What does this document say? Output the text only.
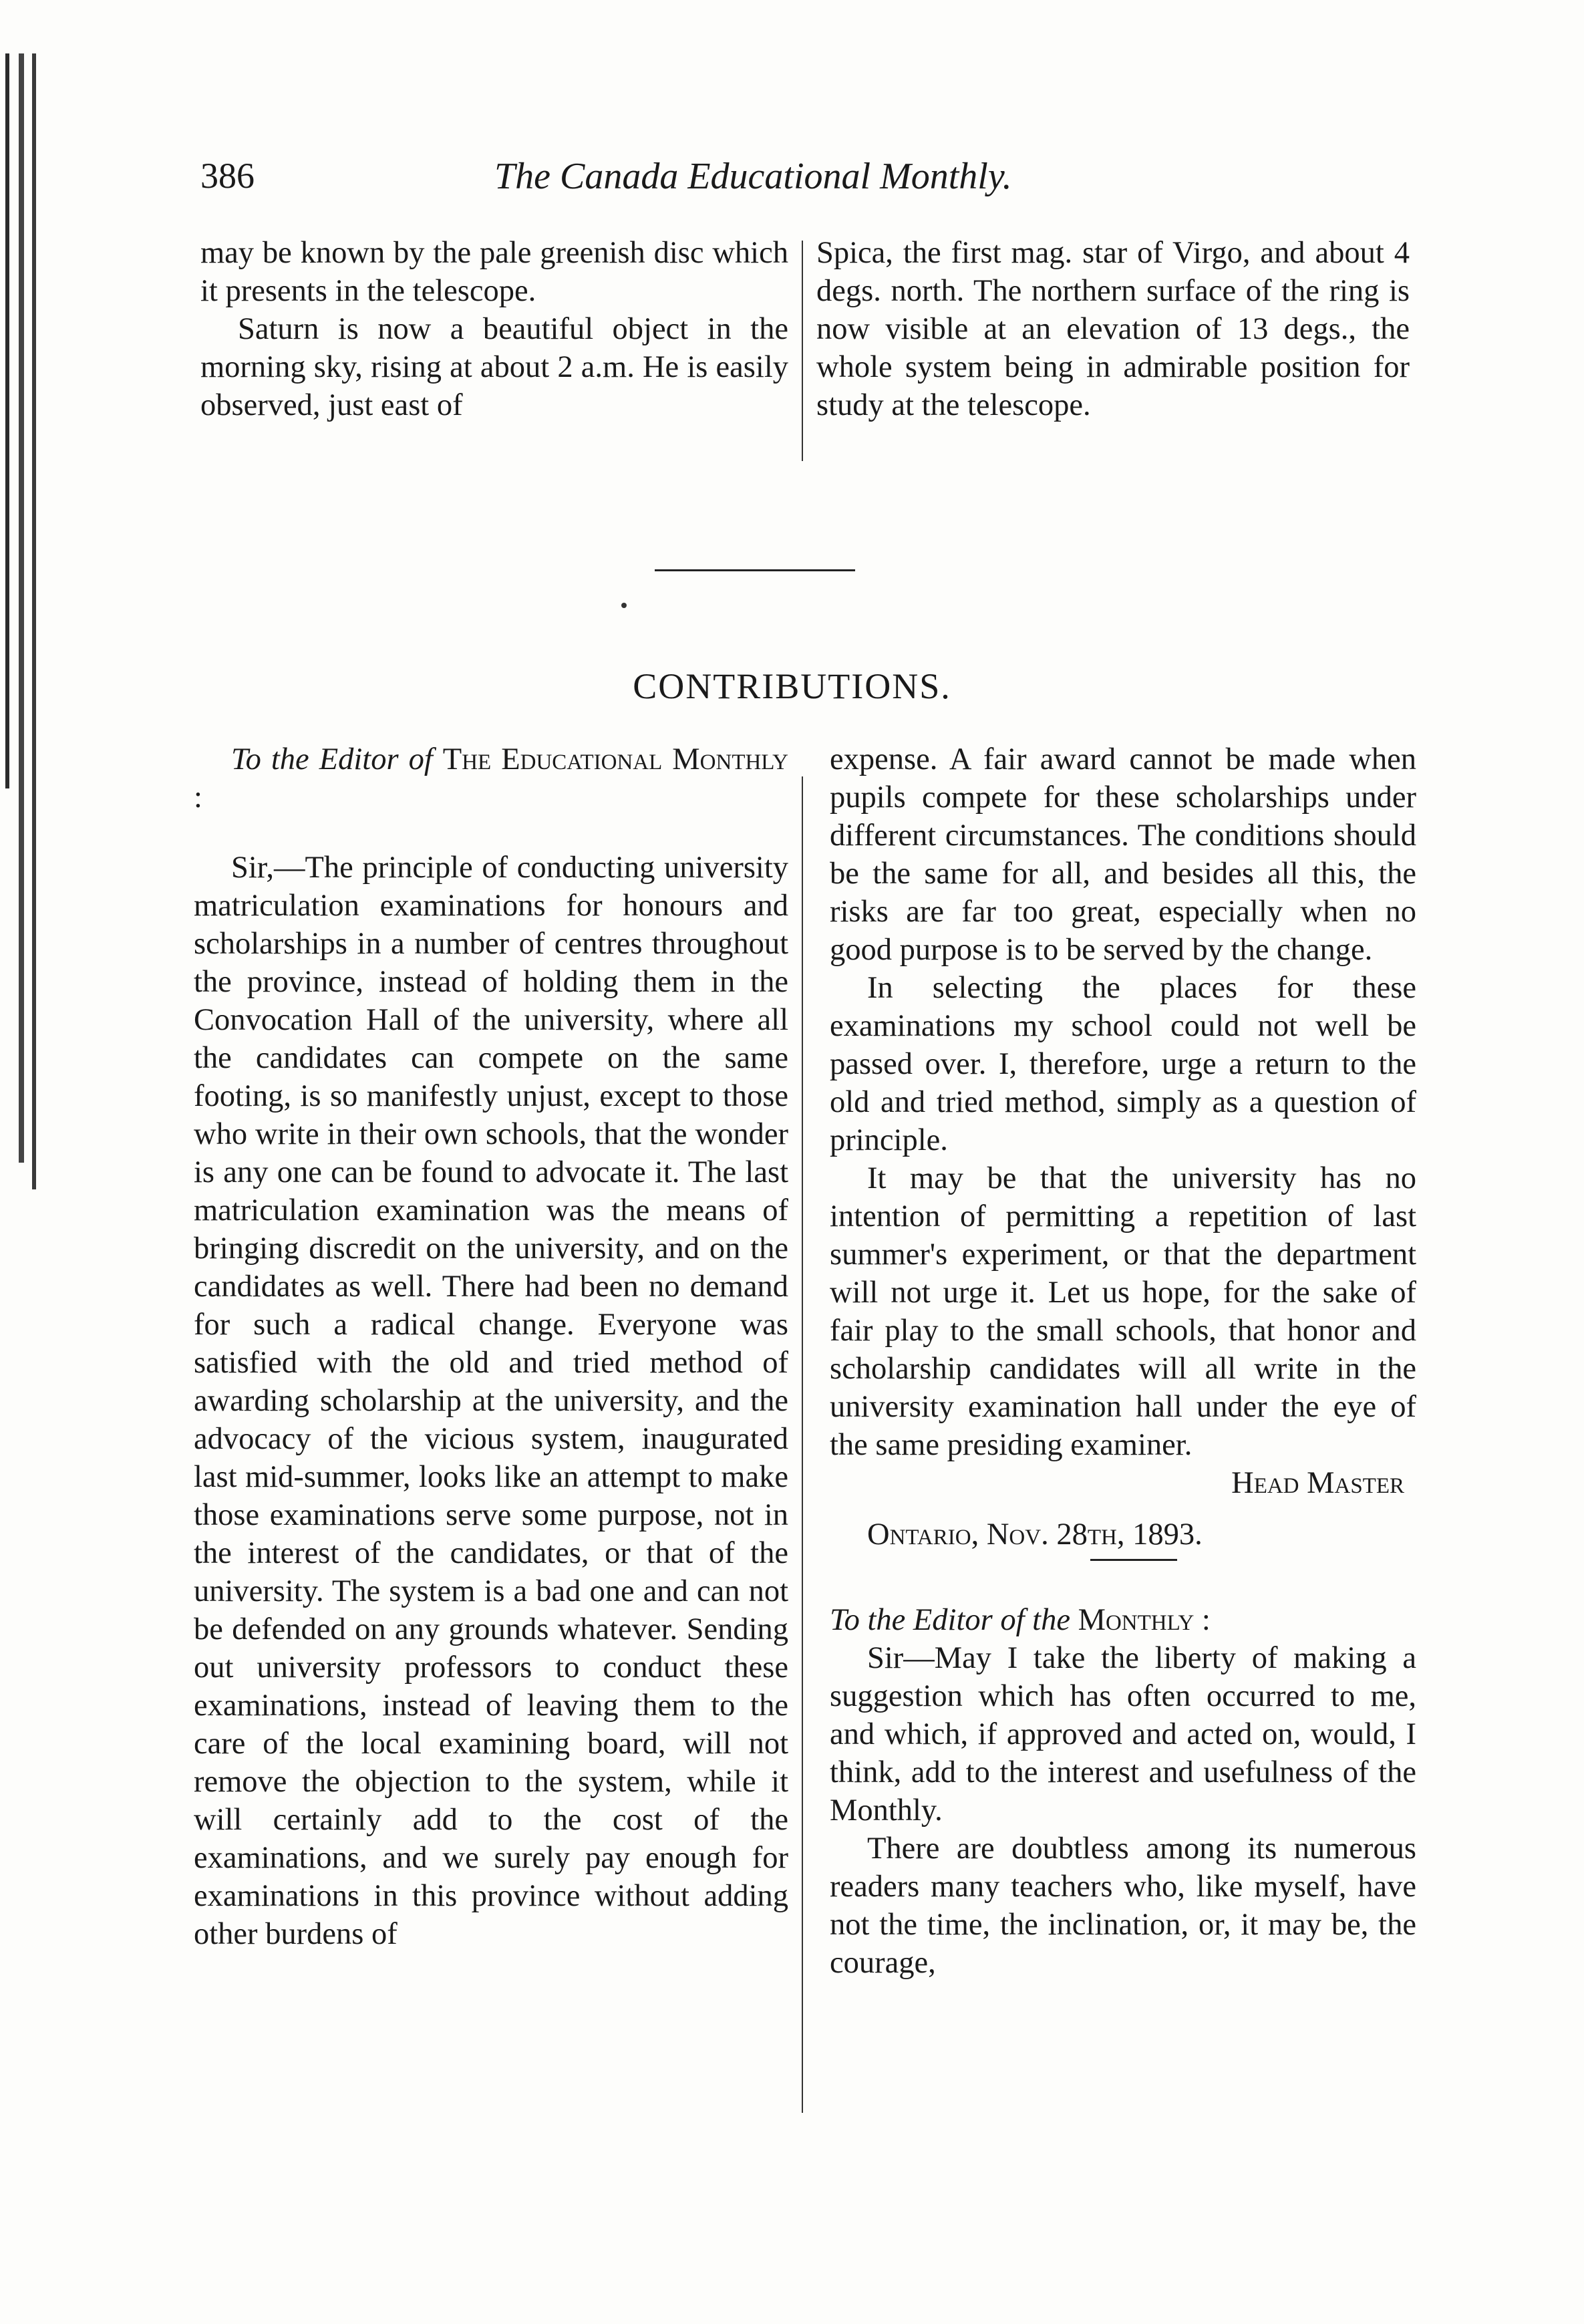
386	The Canada Educational Monthly.

may be known by the pale greenish disc which it presents in the telescope.

Saturn is now a beautiful object in the morning sky, rising at about 2 a.m. He is easily observed, just east of

Spica, the first mag. star of Virgo, and about 4 degs. north. The northern surface of the ring is now visible at an elevation of 13 degs., the whole system being in admirable position for study at the telescope.

CONTRIBUTIONS.

To the Editor of The Educational Monthly :

Sir,—The principle of conducting university matriculation examinations for honours and scholarships in a number of centres throughout the province, instead of holding them in the Convocation Hall of the university, where all the candidates can compete on the same footing, is so manifestly unjust, except to those who write in their own schools, that the wonder is any one can be found to advocate it. The last matriculation examination was the means of bringing discredit on the university, and on the candidates as well. There had been no demand for such a radical change. Everyone was satisfied with the old and tried method of awarding scholarship at the university, and the advocacy of the vicious system, inaugurated last mid-summer, looks like an attempt to make those examinations serve some purpose, not in the interest of the candidates, or that of the university. The system is a bad one and can not be defended on any grounds whatever. Sending out university professors to conduct these examinations, instead of leaving them to the care of the local examining board, will not remove the objection to the system, while it will certainly add to the cost of the examinations, and we surely pay enough for examinations in this province without adding other burdens of

expense. A fair award cannot be made when pupils compete for these scholarships under different circumstances. The conditions should be the same for all, and besides all this, the risks are far too great, especially when no good purpose is to be served by the change.

In selecting the places for these examinations my school could not well be passed over. I, therefore, urge a return to the old and tried method, simply as a question of principle.

It may be that the university has no intention of permitting a repetition of last summer's experiment, or that the department will not urge it. Let us hope, for the sake of fair play to the small schools, that honor and scholarship candidates will all write in the university examination hall under the eye of the same presiding examiner.

Head Master

Ontario, Nov. 28th, 1893.

To the Editor of the Monthly :

Sir—May I take the liberty of making a suggestion which has often occurred to me, and which, if approved and acted on, would, I think, add to the interest and usefulness of the Monthly.

There are doubtless among its numerous readers many teachers who, like myself, have not the time, the inclination, or, it may be, the courage,
